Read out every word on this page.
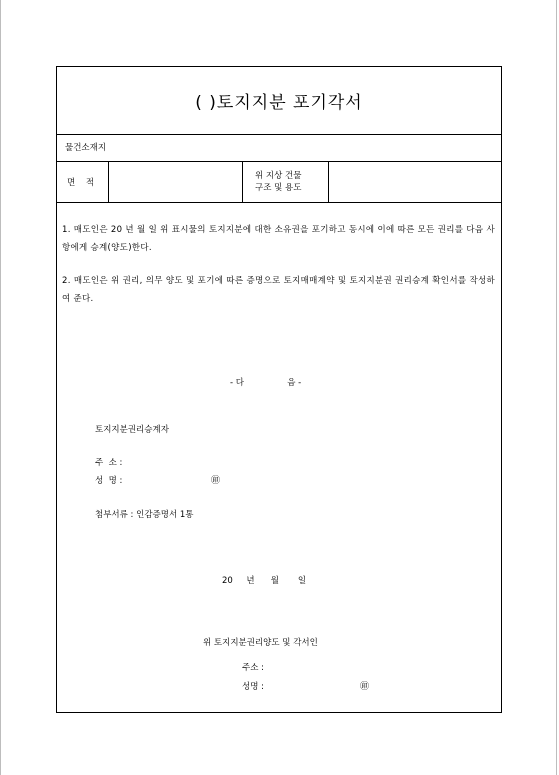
( )토지지분 포기각서
물건소재지
면 적
위 지상 건물
구조 및 용도
1. 매도인은 20 년 월 일 위 표시물의 토지지분에 대한 소유권을 포기하고 동시에 이에 따른 모든 권리를 다음 사항에게 승계(양도)한다.
2. 매도인은 위 권리, 의무 양도 및 포기에 따른 증명으로 토지매매계약 및 토지지분권 권리승계 확인서를 작성하여 준다.
- 다                음 -
토지지분권리승계자
주  소 :
성  명 :	㊞
첨부서류 : 인감증명서 1통
20     년      월       일
위 토지지분권리양도 및 각서인
주소 :
성명 :	㊞
